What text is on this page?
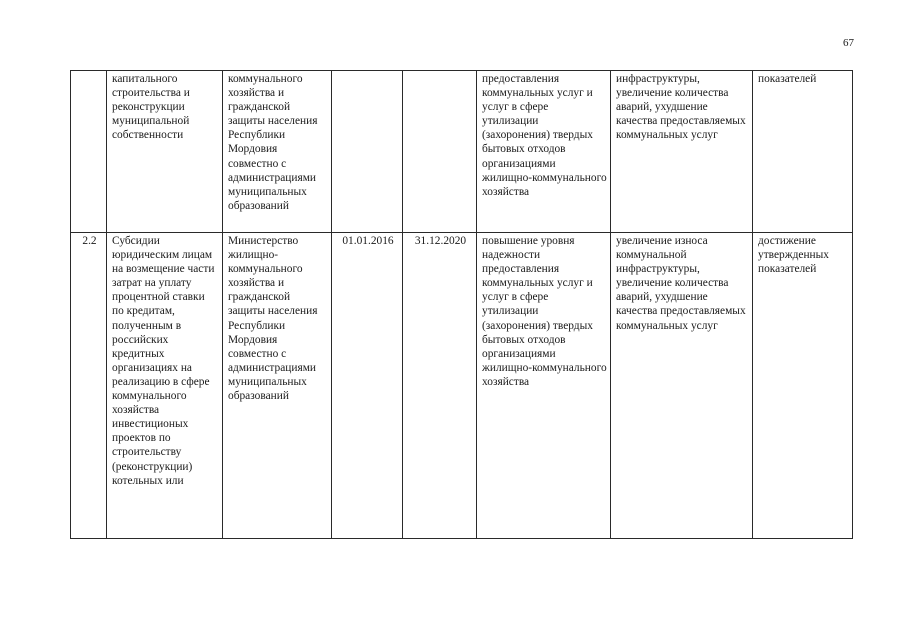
67
	капитального строительства и реконструкции муниципальной собственности	коммунального хозяйства и гражданской защиты населения Республики Мордовия совместно с администрациями муниципальных образований			предоставления коммунальных услуг и услуг в сфере утилизации (захоронения) твердых бытовых отходов организациями жилищно-коммунального хозяйства	инфраструктуры, увеличение количества аварий, ухудшение качества предоставляемых коммунальных услуг	показателей
2.2	Субсидии юридическим лицам на возмещение части затрат на уплату процентной ставки по кредитам, полученным в российских кредитных организациях на реализацию в сфере коммунального хозяйства инвестиционых проектов по строительству (реконструкции) котельных или	Министерство жилищно-коммунального хозяйства и гражданской защиты населения Республики Мордовия совместно с администрациями муниципальных образований	01.01.2016	31.12.2020	повышение уровня надежности предоставления коммунальных услуг и услуг в сфере утилизации (захоронения) твердых бытовых отходов организациями жилищно-коммунального хозяйства	увеличение износа коммунальной инфраструктуры, увеличение количества аварий, ухудшение качества предоставляемых коммунальных услуг	достижение утвержденных показателей
